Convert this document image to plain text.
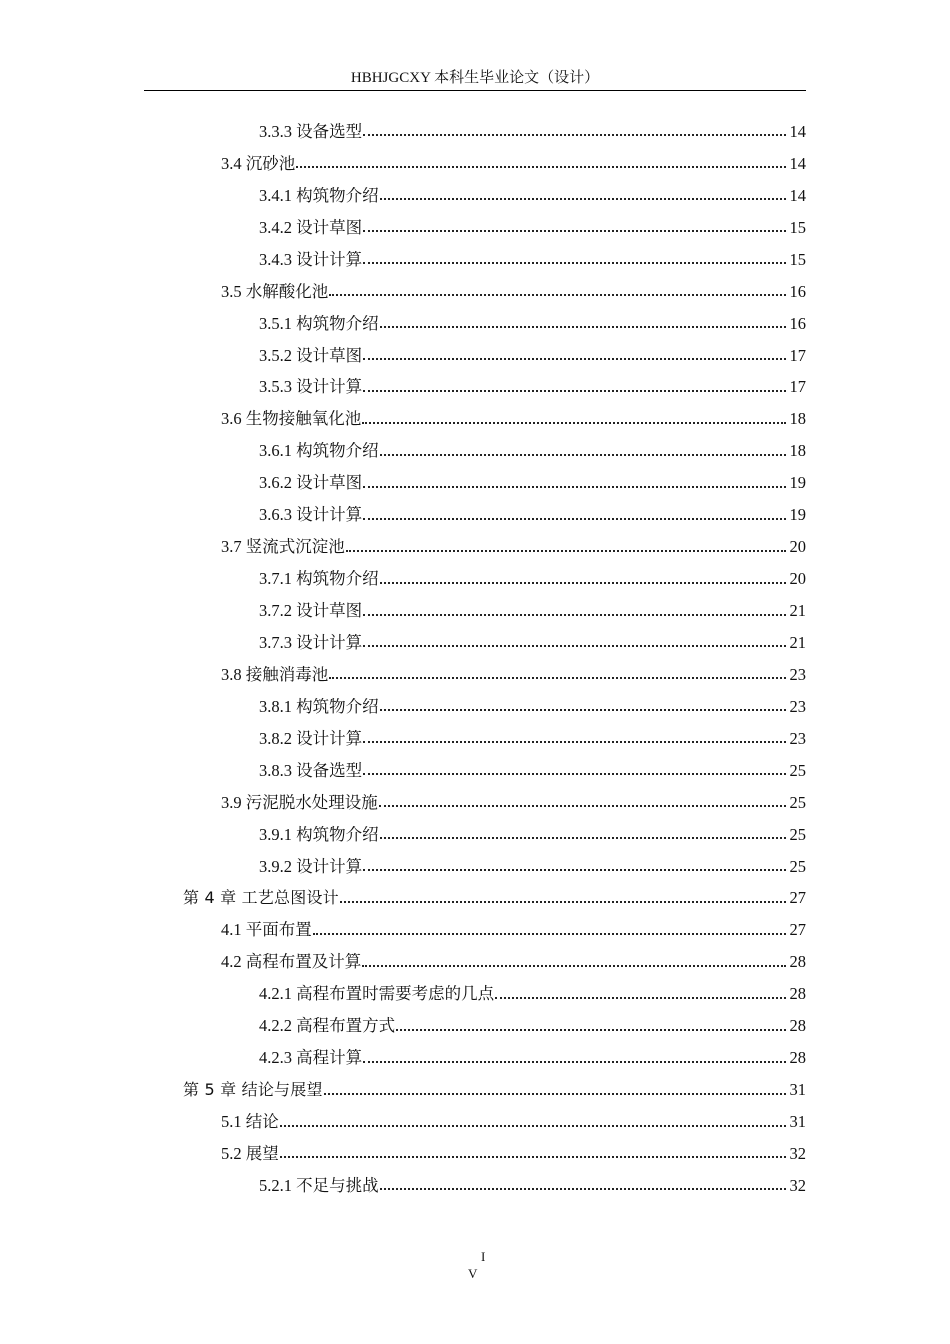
HBHJGCXY 本科生毕业论文（设计）
3.3.3 设备选型	14
3.4 沉砂池	14
3.4.1 构筑物介绍	14
3.4.2 设计草图	15
3.4.3 设计计算	15
3.5 水解酸化池	16
3.5.1 构筑物介绍	16
3.5.2 设计草图	17
3.5.3 设计计算	17
3.6 生物接触氧化池	18
3.6.1 构筑物介绍	18
3.6.2 设计草图	19
3.6.3 设计计算	19
3.7 竖流式沉淀池	20
3.7.1 构筑物介绍	20
3.7.2 设计草图	21
3.7.3 设计计算	21
3.8 接触消毒池	23
3.8.1 构筑物介绍	23
3.8.2 设计计算	23
3.8.3 设备选型	25
3.9 污泥脱水处理设施	25
3.9.1 构筑物介绍	25
3.9.2 设计计算	25
第 4 章 工艺总图设计	27
4.1 平面布置	27
4.2 高程布置及计算	28
4.2.1 高程布置时需要考虑的几点	28
4.2.2 高程布置方式	28
4.2.3 高程计算	28
第 5 章 结论与展望	31
5.1 结论	31
5.2 展望	32
5.2.1 不足与挑战	32
I
V
